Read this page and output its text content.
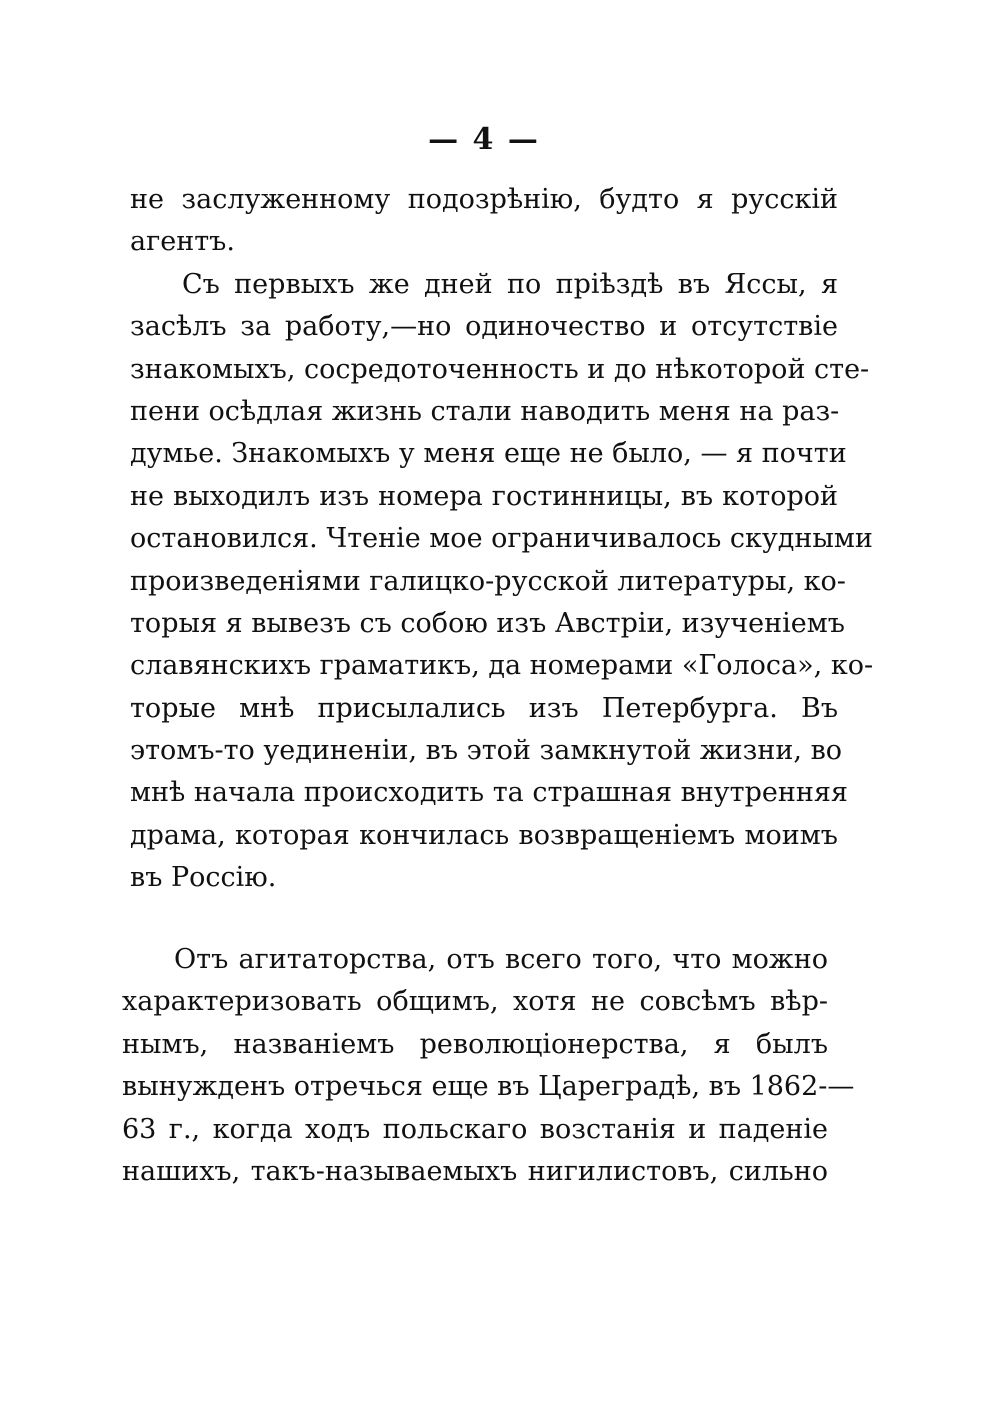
— 4 —
не заслуженному подозрѣнію, будто я русскій
агентъ.
Съ первыхъ же дней по пріѣздѣ въ Яссы, я
засѣлъ за работу,—но одиночество и отсутствіе
знакомыхъ, сосредоточенность и до нѣкоторой сте-
пени осѣдлая жизнь стали наводить меня на раз-
думье. Знакомыхъ у меня еще не было, — я почти
не выходилъ изъ номера гостинницы, въ которой
остановился. Чтеніе мое ограничивалось скудными
произведеніями галицко-русской литературы, ко-
торыя я вывезъ съ собою изъ Австріи, изученіемъ
славянскихъ граматикъ, да номерами «Голоса», ко-
торые мнѣ присылались изъ Петербурга. Въ
этомъ-то уединеніи, въ этой замкнутой жизни, во
мнѣ начала происходить та страшная внутренняя
драма, которая кончилась возвращеніемъ моимъ
въ Россію.
Отъ агитаторства, отъ всего того, что можно
характеризовать общимъ, хотя не совсѣмъ вѣр-
нымъ, названіемъ революціонерства, я былъ
вынужденъ отречься еще въ Цареградѣ, въ 1862-—
63 г., когда ходъ польскаго возстанія и паденіе
нашихъ, такъ-называемыхъ нигилистовъ, сильно
